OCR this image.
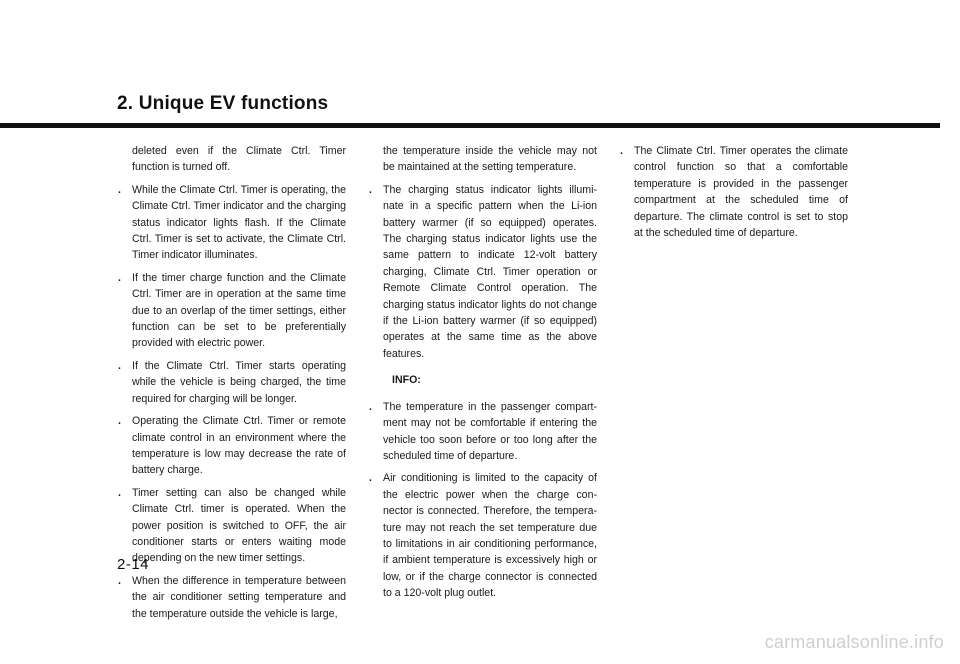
2. Unique EV functions

deleted even if the Climate Ctrl. Timer function is turned off.

. While the Climate Ctrl. Timer is operating, the Climate Ctrl. Timer indicator and the charging status indicator lights flash. If the Climate Ctrl. Timer is set to activate, the Climate Ctrl. Timer indicator illuminates.
. If the timer charge function and the Climate Ctrl. Timer are in operation at the same time due to an overlap of the timer settings, either function can be set to be preferentially provided with electric power.
. If the Climate Ctrl. Timer starts operating while the vehicle is being charged, the time required for charging will be longer.
. Operating the Climate Ctrl. Timer or remote climate control in an environment where the temperature is low may decrease the rate of battery charge.
. Timer setting can also be changed while Climate Ctrl. timer is operated. When the power position is switched to OFF, the air conditioner starts or enters waiting mode depending on the new timer settings.
. When the difference in temperature between the air conditioner setting temperature and the temperature outside the vehicle is large,

the temperature inside the vehicle may not be maintained at the setting temperature.

. The charging status indicator lights illumi-nate in a specific pattern when the Li-ion battery warmer (if so equipped) operates. The charging status indicator lights use the same pattern to indicate 12-volt battery charging, Climate Ctrl. Timer operation or Remote Climate Control operation. The charging status indicator lights do not change if the Li-ion battery warmer (if so equipped) operates at the same time as the above features.
INFO:
. The temperature in the passenger compart-ment may not be comfortable if entering the vehicle too soon before or too long after the scheduled time of departure.
. Air conditioning is limited to the capacity of the electric power when the charge con-nector is connected. Therefore, the tempera-ture may not reach the set temperature due to limitations in air conditioning performance, if ambient temperature is excessively high or low, or if the charge connector is connected to a 120-volt plug outlet.
. The Climate Ctrl. Timer operates the climate control function so that a comfortable temperature is provided in the passenger compartment at the scheduled time of departure. The climate control is set to stop at the scheduled time of departure.
2-14
carmanualsonline.info
